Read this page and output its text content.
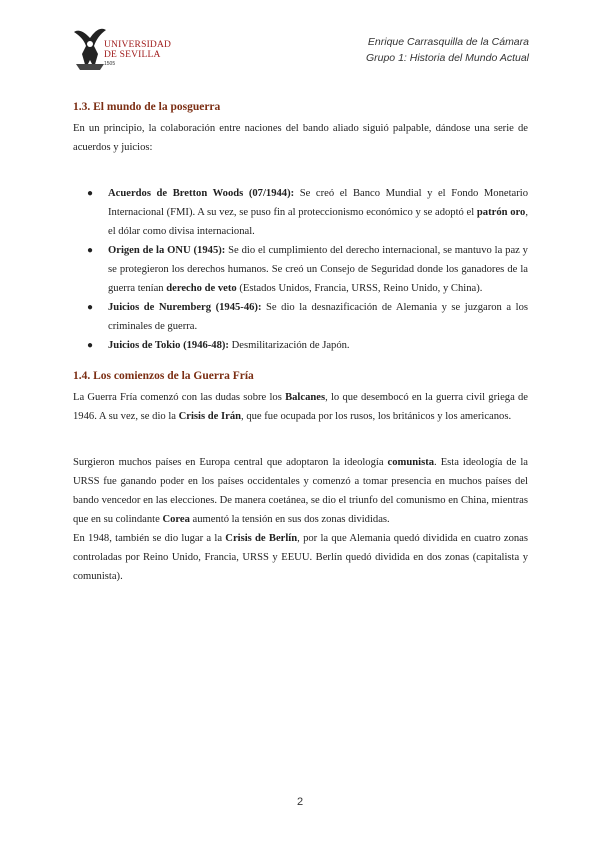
UNIVERSIDAD
DE SEVILLA
1505
Enrique Carrasquilla de la Cámara
Grupo 1: Historia del Mundo Actual
1.3. El mundo de la posguerra

En un principio, la colaboración entre naciones del bando aliado siguió palpable, dándose una serie de acuerdos y juicios:

● Acuerdos de Bretton Woods (07/1944): Se creó el Banco Mundial y el Fondo Monetario Internacional (FMI). A su vez, se puso fin al proteccionismo económico y se adoptó el patrón oro, el dólar como divisa internacional.
● Origen de la ONU (1945): Se dio el cumplimiento del derecho internacional, se mantuvo la paz y se protegieron los derechos humanos. Se creó un Consejo de Seguridad donde los ganadores de la guerra tenían derecho de veto (Estados Unidos, Francia, URSS, Reino Unido, y China).
● Juicios de Nuremberg (1945-46): Se dio la desnazificación de Alemania y se juzgaron a los criminales de guerra.
● Juicios de Tokio (1946-48): Desmilitarización de Japón.
1.4. Los comienzos de la Guerra Fría

La Guerra Fría comenzó con las dudas sobre los Balcanes, lo que desembocó en la guerra civil griega de 1946. A su vez, se dio la Crisis de Irán, que fue ocupada por los rusos, los británicos y los americanos.

Surgieron muchos países en Europa central que adoptaron la ideología comunista. Esta ideología de la URSS fue ganando poder en los países occidentales y comenzó a tomar presencia en muchos países del bando vencedor en las elecciones. De manera coetánea, se dio el triunfo del comunismo en China, mientras que en su colindante Corea aumentó la tensión en sus dos zonas divididas.

En 1948, también se dio lugar a la Crisis de Berlín, por la que Alemania quedó dividida en cuatro zonas controladas por Reino Unido, Francia, URSS y EEUU. Berlín quedó dividida en dos zonas (capitalista y comunista).

2
